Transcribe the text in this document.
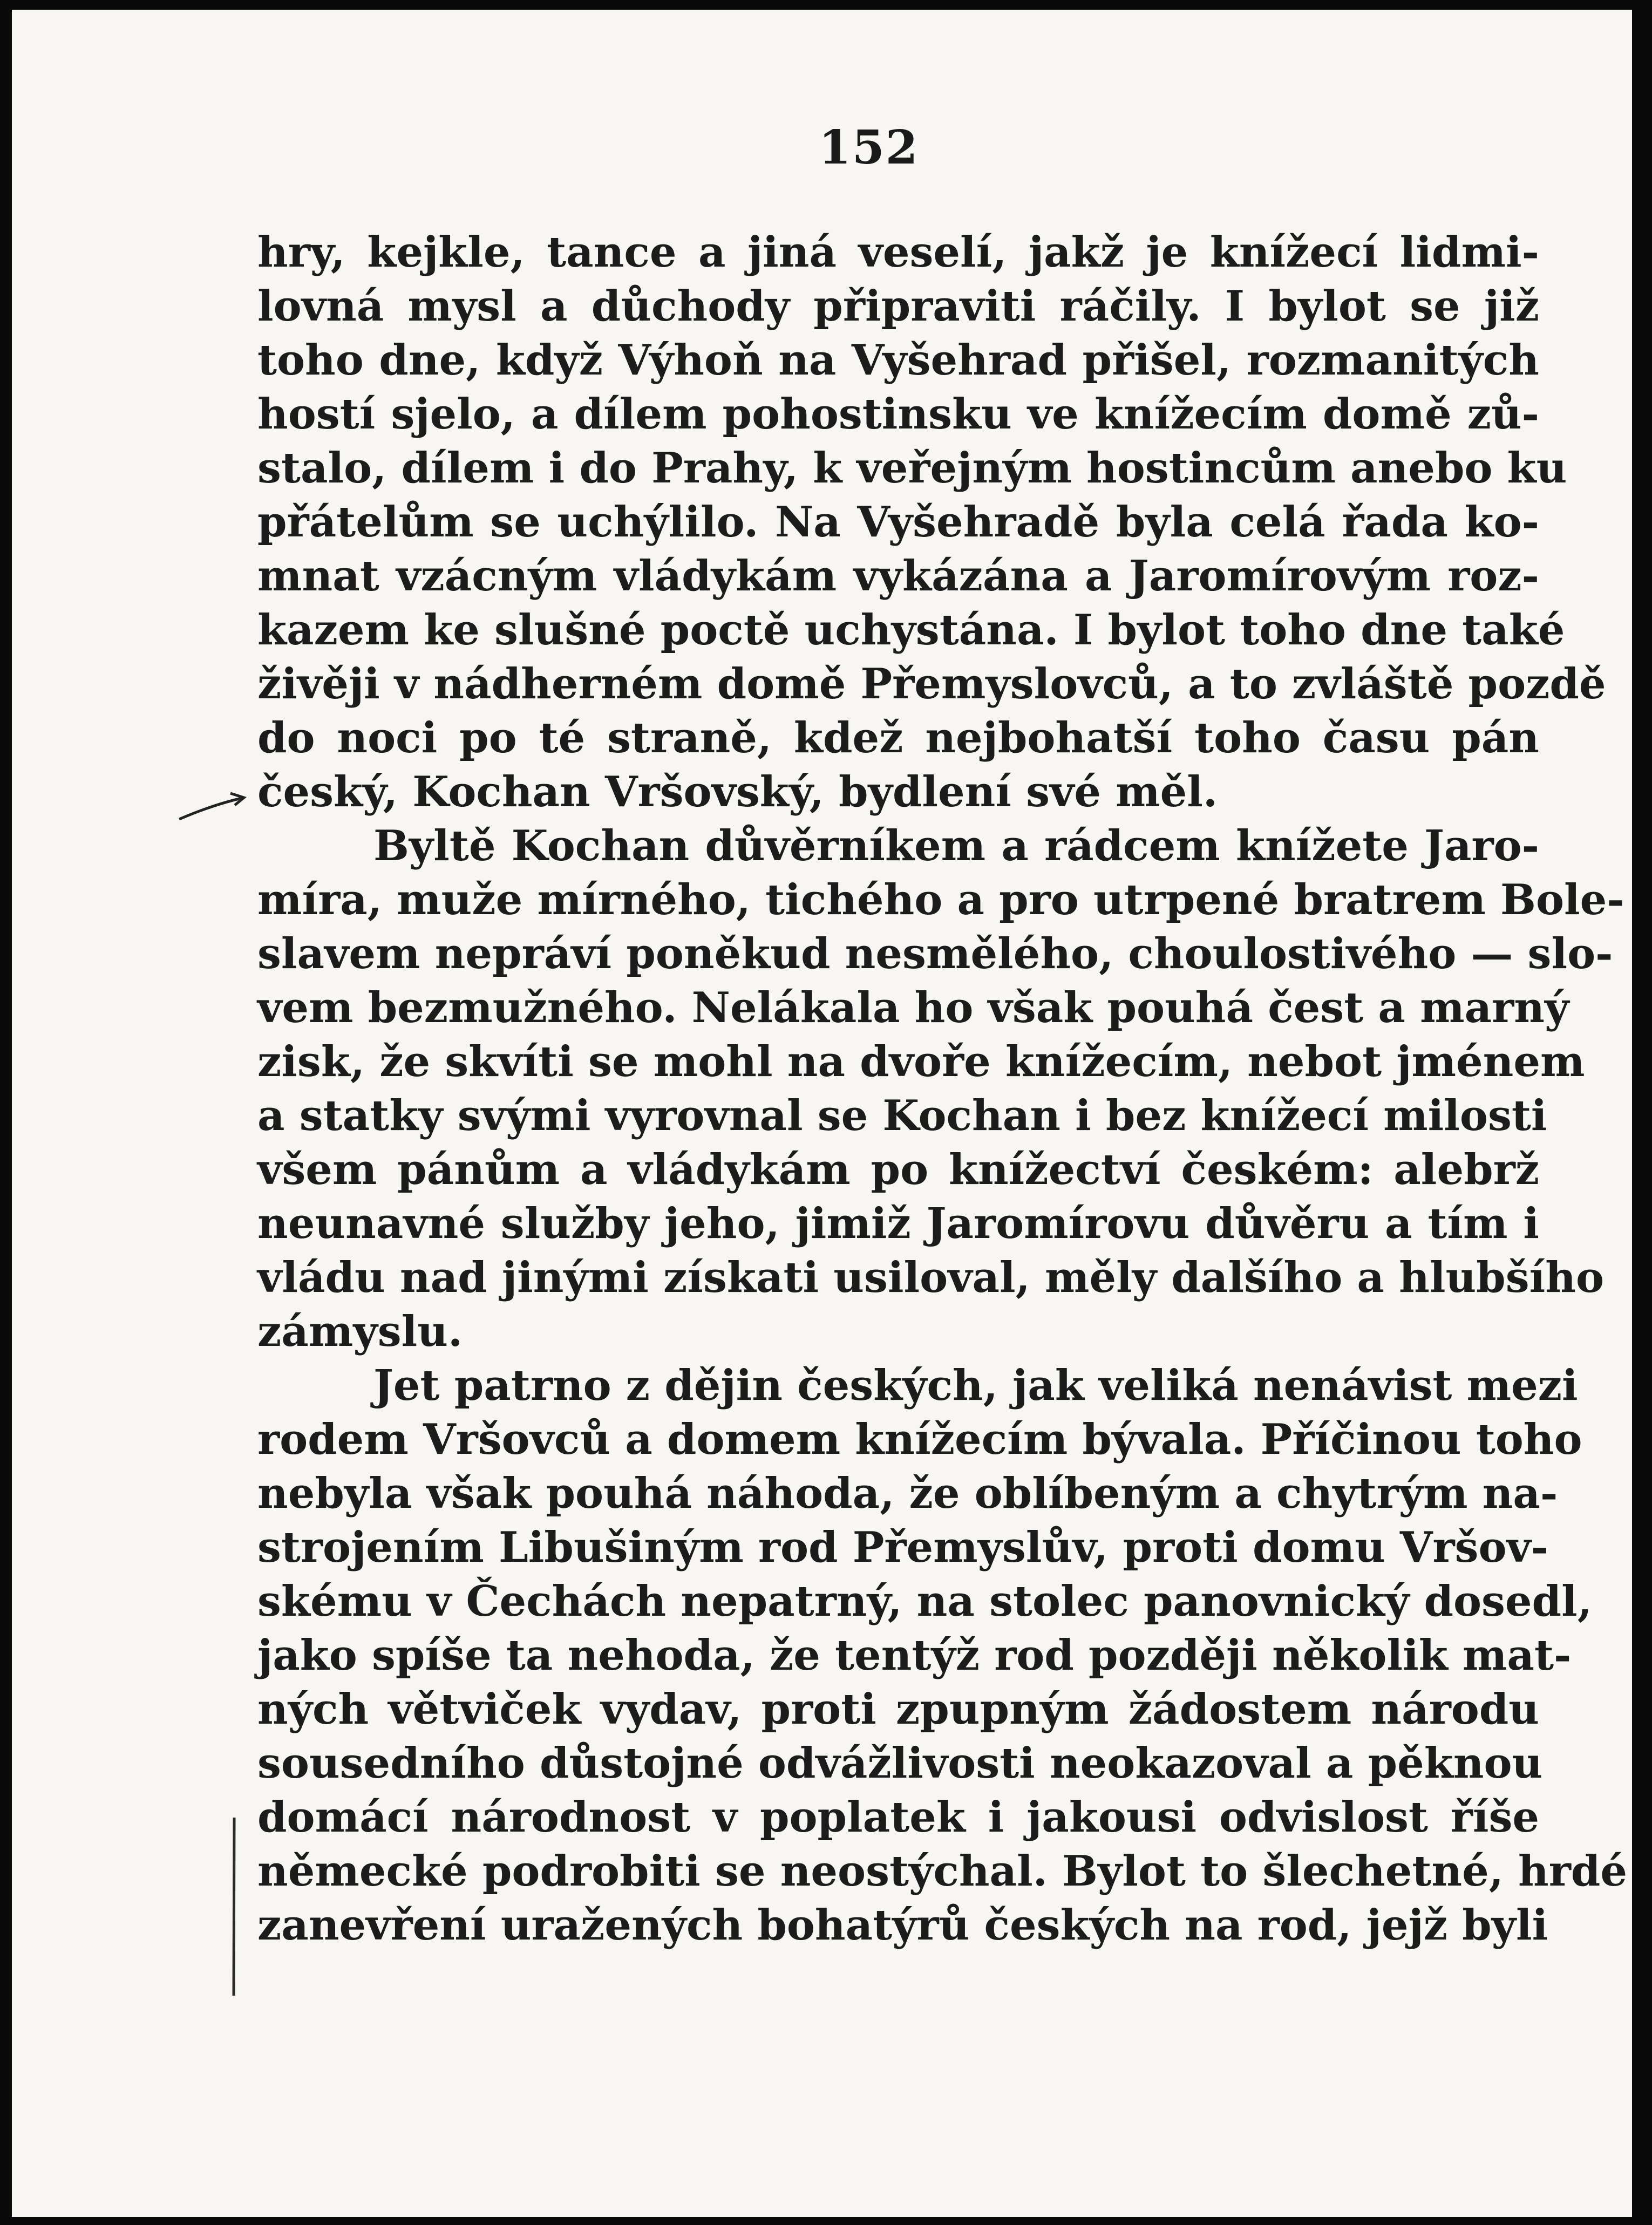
152
hry, kejkle, tance a jiná veselí, jakž je knížecí lidmi-
lovná mysl a důchody připraviti ráčily. I bylot se již
toho dne, když Výhoň na Vyšehrad přišel, rozmanitých
hostí sjelo, a dílem pohostinsku ve knížecím domě zů-
stalo, dílem i do Prahy, k veřejným hostincům anebo ku
přátelům se uchýlilo. Na Vyšehradě byla celá řada ko-
mnat vzácným vládykám vykázána a Jaromírovým roz-
kazem ke slušné poctě uchystána. I bylot toho dne také
živěji v nádherném domě Přemyslovců, a to zvláště pozdě
do noci po té straně, kdež nejbohatší toho času pán
český, Kochan Vršovský, bydlení své měl.
Byltě Kochan důvěrníkem a rádcem knížete Jaro-
míra, muže mírného, tichého a pro utrpené bratrem Bole-
slavem nepráví poněkud nesmělého, choulostivého — slo-
vem bezmužného. Nelákala ho však pouhá čest a marný
zisk, že skvíti se mohl na dvoře knížecím, nebot jménem
a statky svými vyrovnal se Kochan i bez knížecí milosti
všem pánům a vládykám po knížectví českém: alebrž
neunavné služby jeho, jimiž Jaromírovu důvěru a tím i
vládu nad jinými získati usiloval, měly dalšího a hlubšího
zámyslu.
Jet patrno z dějin českých, jak veliká nenávist mezi
rodem Vršovců a domem knížecím bývala. Příčinou toho
nebyla však pouhá náhoda, že oblíbeným a chytrým na-
strojením Libušiným rod Přemyslův, proti domu Vršov-
skému v Čechách nepatrný, na stolec panovnický dosedl,
jako spíše ta nehoda, že tentýž rod později několik mat-
ných větviček vydav, proti zpupným žádostem národu
sousedního důstojné odvážlivosti neokazoval a pěknou
domácí národnost v poplatek i jakousi odvislost říše
německé podrobiti se neostýchal. Bylot to šlechetné, hrdé
zanevření uražených bohatýrů českých na rod, jejž byli
